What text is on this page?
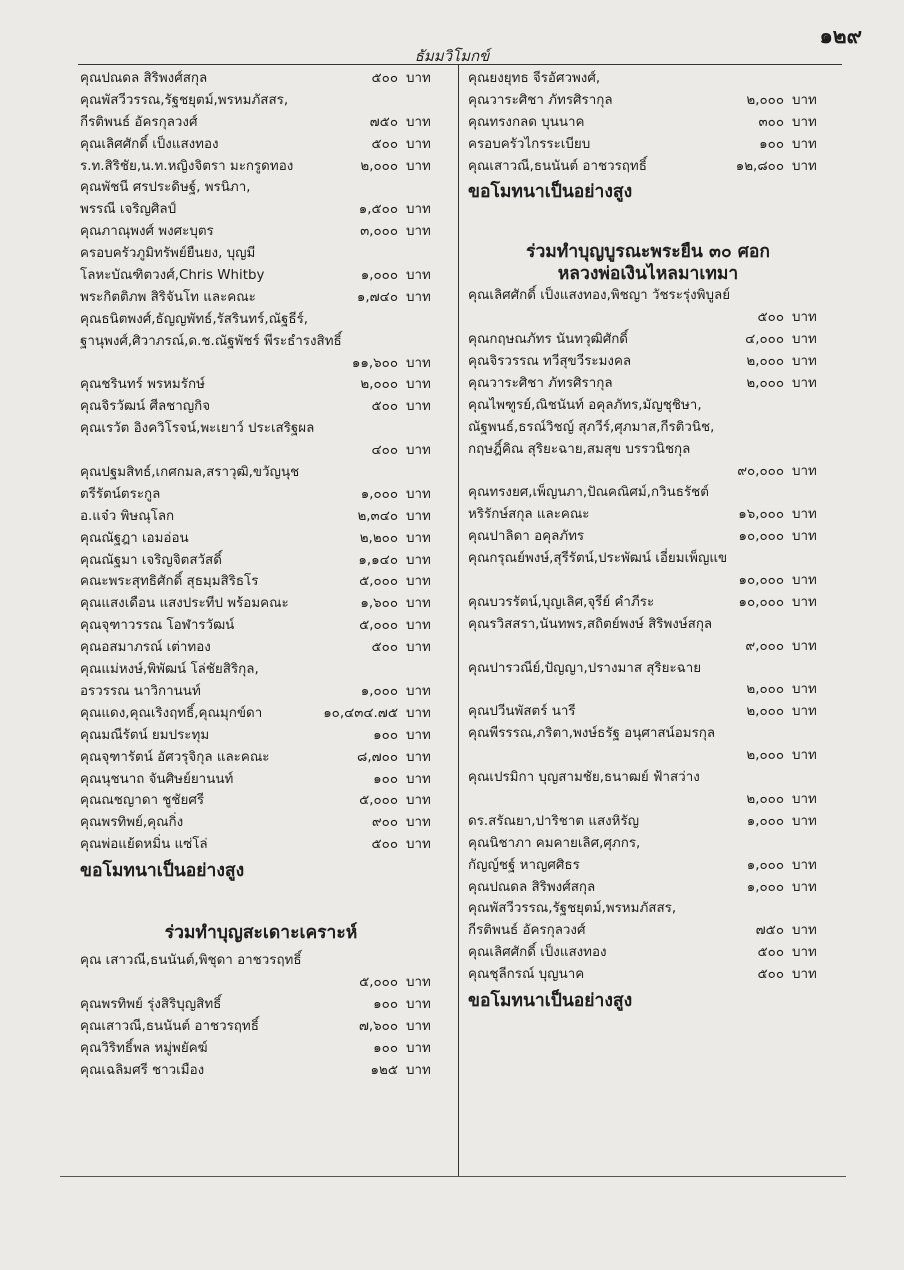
๑๒๙
ธัมมวิโมกข์
คุณปณดล สิริพงศ์สกุล	๕๐๐ บาท
คุณพัสวีวรรณ,รัฐชยุตม์,พรหมภัสสร,
กีรติพนธ์ อัครกุลวงศ์	๗๕๐ บาท
คุณเลิศศักดิ์ เป็งแสงทอง	๕๐๐ บาท
ร.ท.สิริชัย,น.ท.หญิงจิตรา มะกรูดทอง	๒,๐๐๐ บาท
คุณพัชนี ศรประดิษฐ์, พรนิภา,
พรรณี เจริญศิลป์	๑,๕๐๐ บาท
คุณภาณุพงศ์ พงศะบุตร	๓,๐๐๐ บาท
ครอบครัวภูมิทรัพย์ยืนยง, บุญมี
โลหะบัณฑิตวงศ์,Chris Whitby	๑,๐๐๐ บาท
พระกิตติภพ สิริจันโท และคณะ	๑,๗๔๐ บาท
คุณธนิตพงศ์,ธัญญพัทธ์,รัสรินทร์,ณัฐธีร์,
ฐานุพงศ์,ศิวาภรณ์,ด.ช.ณัฐพัชร์ พีระธำรงสิทธิ์
๑๑,๖๐๐ บาท
คุณชรินทร์ พรหมรักษ์	๒,๐๐๐ บาท
คุณจิรวัฒน์ ศีลชาญกิจ	๕๐๐ บาท
คุณเรวัต อิงควิโรจน์,พะเยาว์ ประเสริฐผล
๔๐๐ บาท
คุณปฐมสิทธ์,เกศกมล,สราวุฒิ,ขวัญนุช
ตรีรัตน์ตระกูล	๑,๐๐๐ บาท
อ.แจ๋ว พิษณุโลก	๒,๓๔๐ บาท
คุณณัฐฎา เอมอ่อน	๒,๒๐๐ บาท
คุณณัฐมา เจริญจิตสวัสดิ์	๑,๑๔๐ บาท
คณะพระสุทธิศักดิ์ สุธมฺมสิริธโร	๕,๐๐๐ บาท
คุณแสงเดือน แสงประทีป พร้อมคณะ	๑,๖๐๐ บาท
คุณจุฑาวรรณ โอฬารวัฒน์	๕,๐๐๐ บาท
คุณอสมาภรณ์ เต่าทอง	๕๐๐ บาท
คุณแม่หงษ์,พิพัฒน์ โล่ชัยสิริกุล,
อรวรรณ นาวิกานนท์	๑,๐๐๐ บาท
คุณแดง,คุณเริงฤทธิ์,คุณมุกข์ดา	๑๐,๔๓๔.๗๕ บาท
คุณมณีรัตน์ ยมประทุม	๑๐๐ บาท
คุณจุฑารัตน์ อัศวรุจิกุล และคณะ	๘,๗๐๐ บาท
คุณนุชนาถ จันศิษย์ยานนท์	๑๐๐ บาท
คุณณชญาดา ชูชัยศรี	๕,๐๐๐ บาท
คุณพรทิพย์,คุณกิ่ง	๙๐๐ บาท
คุณพ่อแย้ดหมิ่น แซ่โล่	๕๐๐ บาท
ขอโมทนาเป็นอย่างสูง
ร่วมทำบุญสะเดาะเคราะห์
คุณ เสาวณี,ธนนันต์,พิชุดา อาชวรฤทธิ์
๕,๐๐๐ บาท
คุณพรทิพย์ รุ่งสิริบุญสิทธิ์	๑๐๐ บาท
คุณเสาวณี,ธนนันต์ อาชวรฤทธิ์	๗,๖๐๐ บาท
คุณวิริทธิ์พล หมู่พยัคฆ์	๑๐๐ บาท
คุณเฉลิมศรี ชาวเมือง	๑๒๕ บาท
คุณยงยุทธ จีรอัศวพงศ์,
คุณวาระศิชา ภัทรศิรากุล	๒,๐๐๐ บาท
คุณทรงกลด บุนนาค	๓๐๐ บาท
ครอบครัวไกรระเบียบ	๑๐๐ บาท
คุณเสาวณี,ธนนันต์ อาชวรฤทธิ์	๑๒,๘๐๐ บาท
ขอโมทนาเป็นอย่างสูง
ร่วมทำบุญบูรณะพระยืน ๓๐ ศอก
หลวงพ่อเงินไหลมาเทมา
คุณเลิศศักดิ์ เป็งแสงทอง,พิชญา วัชระรุ่งพิบูลย์
๕๐๐ บาท
คุณกฤษณภัทร นันทวุฒิศักดิ์	๔,๐๐๐ บาท
คุณจิรวรรณ ทวีสุขวีระมงคล	๒,๐๐๐ บาท
คุณวาระศิชา ภัทรศิรากุล	๒,๐๐๐ บาท
คุณไพฑูรย์,ณิชนันท์ อคุลภัทร,มัญชุชิษา,
ณัฐพนธ์,ธรณ์วิชญ์ สุภวีร์,ศุภมาส,กีรติวนิช,
กฤษฎิ์คิณ สุริยะฉาย,สมสุข บรรวนิชกุล
๙๐,๐๐๐ บาท
คุณทรงยศ,เพ็ญนภา,ปัณคณิศม์,กวินธรัชต์
หริรักษ์สกุล และคณะ	๑๖,๐๐๐ บาท
คุณปาลิดา อคุลภัทร	๑๐,๐๐๐ บาท
คุณกรุณย์พงษ์,สุรีรัตน์,ประพัฒน์ เอี่ยมเพ็ญแข
๑๐,๐๐๐ บาท
คุณบวรรัตน์,บุญเลิศ,จุรีย์ คำภีระ	๑๐,๐๐๐ บาท
คุณรวิสสรา,นันทพร,สถิตย์พงษ์ สิริพงษ์สกุล
๙,๐๐๐ บาท
คุณปารวณีย์,ปัญญา,ปรางมาส สุริยะฉาย
๒,๐๐๐ บาท
คุณปวีนพัสตร์ นารี	๒,๐๐๐ บาท
คุณพีรรรณ,ภริตา,พงษ์ธรัฐ อนุศาสน์อมรกุล
๒,๐๐๐ บาท
คุณเปรมิกา บุญสามชัย,ธนาฒย์ ฟ้าสว่าง
๒,๐๐๐ บาท
ดร.สรัณยา,ปาริชาต แสงหิรัญ	๑,๐๐๐ บาท
คุณนิชาภา คมคายเลิศ,ศุภกร,
กัญญ์ชฐ์ หาญศศิธร	๑,๐๐๐ บาท
คุณปณดล สิริพงศ์สกุล	๑,๐๐๐ บาท
คุณพัสวีวรรณ,รัฐชยุตม์,พรหมภัสสร,
กีรติพนธ์ อัครกุลวงศ์	๗๕๐ บาท
คุณเลิศศักดิ์ เป็งแสงทอง	๕๐๐ บาท
คุณชุลีกรณ์ บุญนาค	๕๐๐ บาท
ขอโมทนาเป็นอย่างสูง
